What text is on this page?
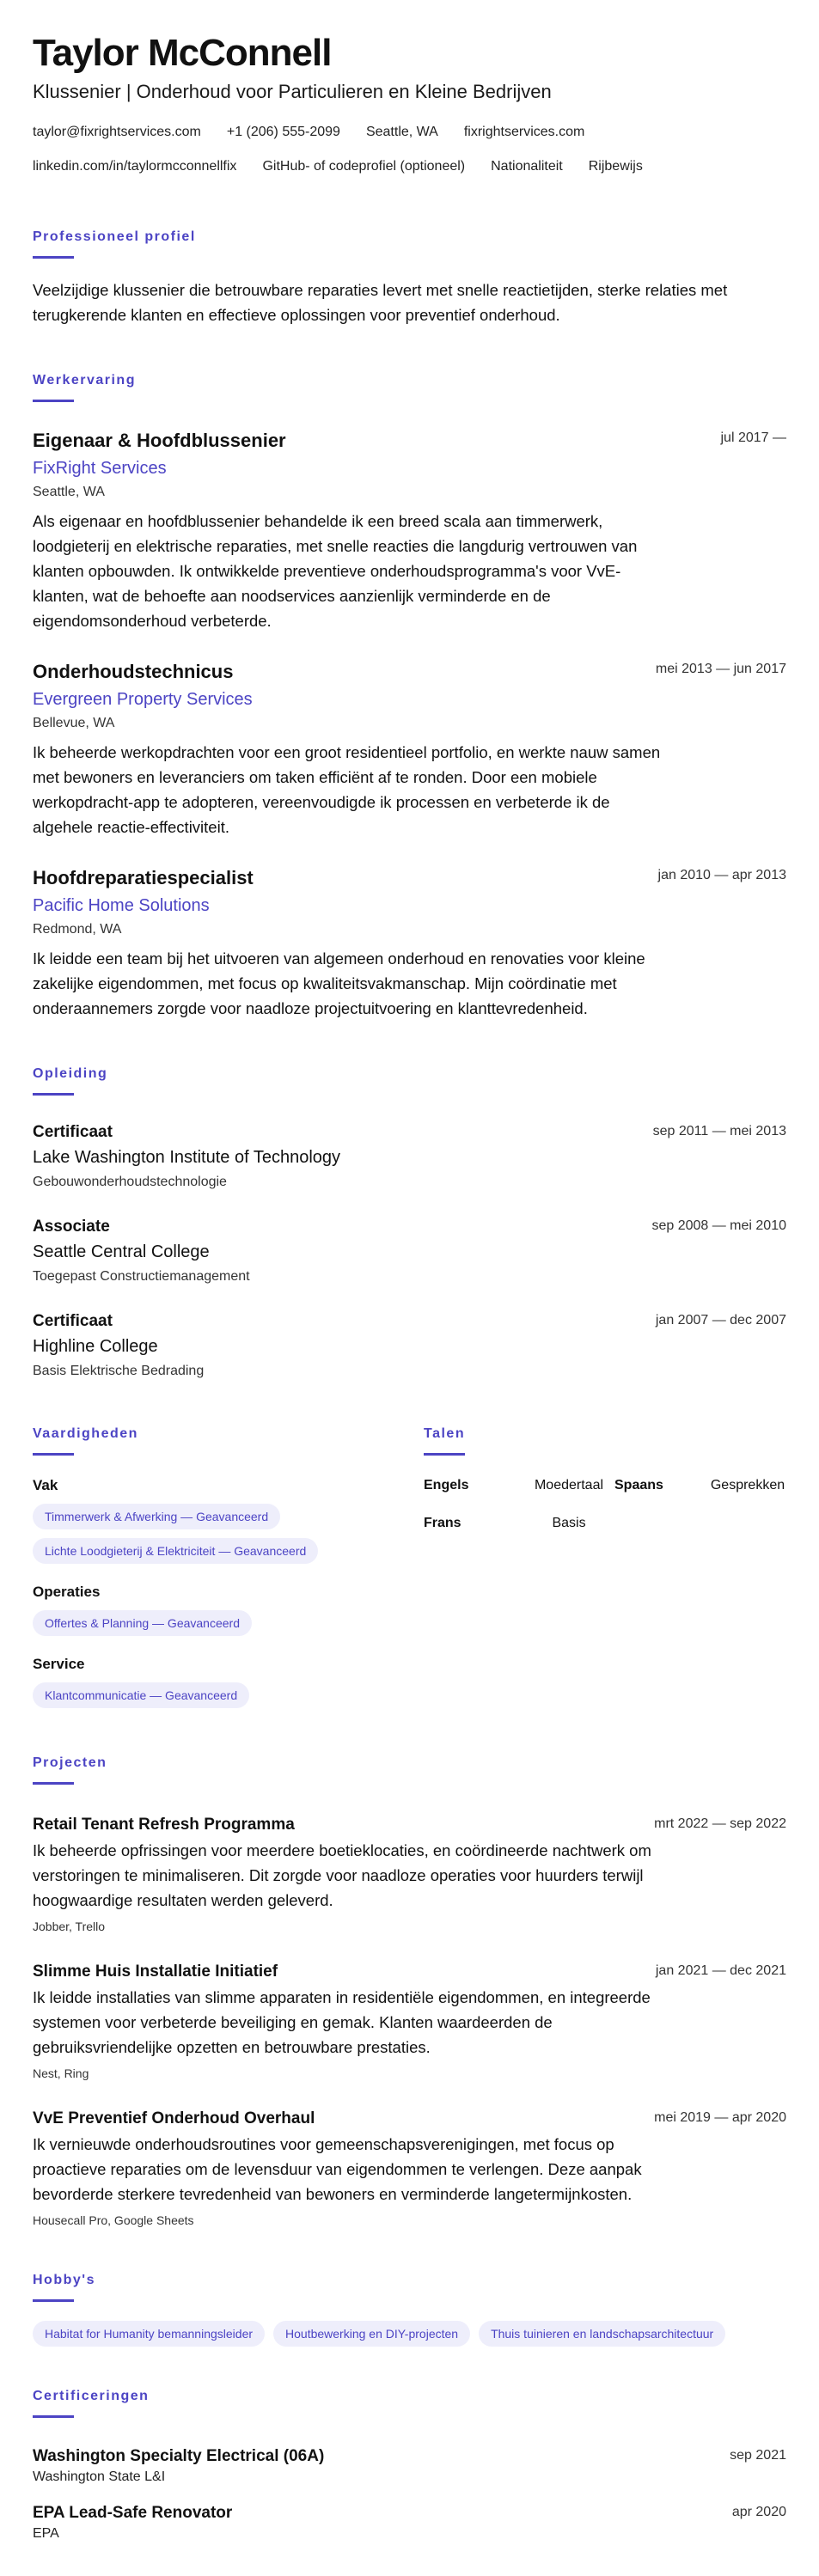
Taylor McConnell
Klussenier | Onderhoud voor Particulieren en Kleine Bedrijven
taylor@fixrightservices.com +1 (206) 555-2099 Seattle, WA fixrightservices.com
linkedin.com/in/taylormcconnellfix GitHub- of codeprofiel (optioneel) Nationaliteit Rijbewijs
Professioneel profiel
Veelzijdige klussenier die betrouwbare reparaties levert met snelle reactietijden, sterke relaties met terugkerende klanten en effectieve oplossingen voor preventief onderhoud.
Werkervaring
Eigenaar & Hoofdblussenier
FixRight Services
Seattle, WA
Als eigenaar en hoofdblussenier behandelde ik een breed scala aan timmerwerk, loodgieterij en elektrische reparaties, met snelle reacties die langdurig vertrouwen van klanten opbouwden. Ik ontwikkelde preventieve onderhoudsprogramma's voor VvE-klanten, wat de behoefte aan noodservices aanzienlijk verminderde en de eigendomsonderhoud verbeterde.
jul 2017 —
Onderhoudstechnicus
Evergreen Property Services
Bellevue, WA
Ik beheerde werkopdrachten voor een groot residentieel portfolio, en werkte nauw samen met bewoners en leveranciers om taken efficiënt af te ronden. Door een mobiele werkopdracht-app te adopteren, vereenvoudigde ik processen en verbeterde ik de algehele reactie-effectiviteit.
mei 2013 — jun 2017
Hoofdreparatiespecialist
Pacific Home Solutions
Redmond, WA
Ik leidde een team bij het uitvoeren van algemeen onderhoud en renovaties voor kleine zakelijke eigendommen, met focus op kwaliteitsvakmanschap. Mijn coördinatie met onderaannemers zorgde voor naadloze projectuitvoering en klanttevredenheid.
jan 2010 — apr 2013
Opleiding
Certificaat
Lake Washington Institute of Technology
Gebouwonderhoudstechnologie
sep 2011 — mei 2013
Associate
Seattle Central College
Toegepast Constructiemanagement
sep 2008 — mei 2010
Certificaat
Highline College
Basis Elektrische Bedrading
jan 2007 — dec 2007
Vaardigheden
Vak
Timmerwerk & Afwerking — Geavanceerd
Lichte Loodgieterij & Elektriciteit — Geavanceerd
Operaties
Offertes & Planning — Geavanceerd
Service
Klantcommunicatie — Geavanceerd
Talen
Engels	Moedertaal Spaans	Gesprekken
Frans	Basis
Projecten
Retail Tenant Refresh Programma
Ik beheerde opfrissingen voor meerdere boetieklocaties, en coördineerde nachtwerk om verstoringen te minimaliseren. Dit zorgde voor naadloze operaties voor huurders terwijl hoogwaardige resultaten werden geleverd.
Jobber, Trello
mrt 2022 — sep 2022
Slimme Huis Installatie Initiatief
Ik leidde installaties van slimme apparaten in residentiële eigendommen, en integreerde systemen voor verbeterde beveiliging en gemak. Klanten waardeerden de gebruiksvriendelijke opzetten en betrouwbare prestaties.
Nest, Ring
jan 2021 — dec 2021
VvE Preventief Onderhoud Overhaul
Ik vernieuwde onderhoudsroutines voor gemeenschapsverenigingen, met focus op proactieve reparaties om de levensduur van eigendommen te verlengen. Deze aanpak bevorderde sterkere tevredenheid van bewoners en verminderde langetermijnkosten.
Housecall Pro, Google Sheets
mei 2019 — apr 2020
Hobby's
Habitat for Humanity bemanningsleider	Houtbewerking en DIY-projecten	Thuis tuinieren en landschapsarchitectuur
Certificeringen
Washington Specialty Electrical (06A)
Washington State L&I
sep 2021
EPA Lead-Safe Renovator
EPA
apr 2020
